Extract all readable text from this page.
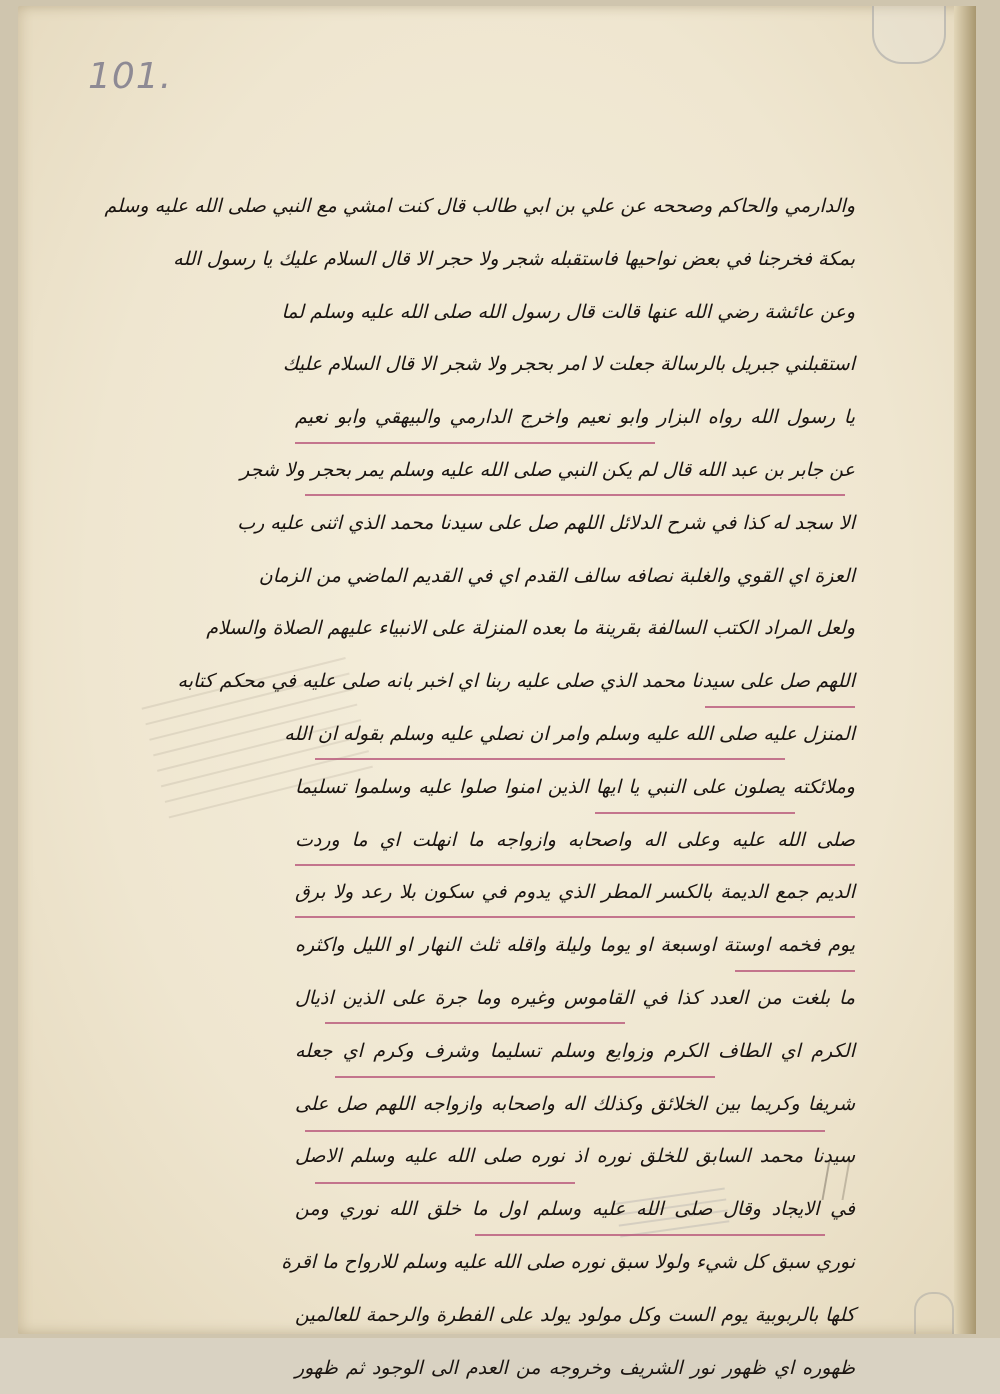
101.
والدارمي والحاكم وصححه عن علي بن ابي طالب قال كنت امشي مع النبي صلى الله عليه وسلم
بمكة فخرجنا في بعض نواحيها فاستقبله شجر ولا حجر الا قال السلام عليك يا رسول الله
وعن عائشة رضي الله عنها قالت قال رسول الله صلى الله عليه وسلم لما
استقبلني جبريل بالرسالة جعلت لا امر بحجر ولا شجر الا قال السلام عليك
يا رسول الله رواه البزار وابو نعيم واخرج الدارمي والبيهقي وابو نعيم
عن جابر بن عبد الله قال لم يكن النبي صلى الله عليه وسلم يمر بحجر ولا شجر
الا سجد له كذا في شرح الدلائل اللهم صل على سيدنا محمد الذي اثنى عليه رب
العزة اي القوي والغلبة نصافه سالف القدم اي في القديم الماضي من الزمان
ولعل المراد الكتب السالفة بقرينة ما بعده المنزلة على الانبياء عليهم الصلاة والسلام
اللهم صل على سيدنا محمد الذي صلى عليه ربنا اي اخبر بانه صلى عليه في محكم كتابه
المنزل عليه صلى الله عليه وسلم وامر ان نصلي عليه وسلم بقوله ان الله
وملائكته يصلون على النبي يا ايها الذين امنوا صلوا عليه وسلموا تسليما
صلى الله عليه وعلى اله واصحابه وازواجه ما انهلت اي ما وردت
الديم جمع الديمة بالكسر المطر الذي يدوم في سكون بلا رعد ولا برق
يوم فخمه اوستة اوسبعة او يوما وليلة واقله ثلث النهار او الليل واكثره
ما بلغت من العدد كذا في القاموس وغيره وما جرة على الذين اذيال
الكرم اي الطاف الكرم وزوايع وسلم تسليما وشرف وكرم اي جعله
شريفا وكريما بين الخلائق وكذلك اله واصحابه وازواجه اللهم صل على
سيدنا محمد السابق للخلق نوره اذ نوره صلى الله عليه وسلم الاصل
في الايجاد وقال صلى الله عليه وسلم اول ما خلق الله نوري ومن
نوري سبق كل شيء ولولا سبق نوره صلى الله عليه وسلم للارواح ما اقرة
كلها بالربوبية يوم الست وكل مولود يولد على الفطرة والرحمة للعالمين
ظهوره اي ظهور نور الشريف وخروجه من العدم الى الوجود ثم ظهور
